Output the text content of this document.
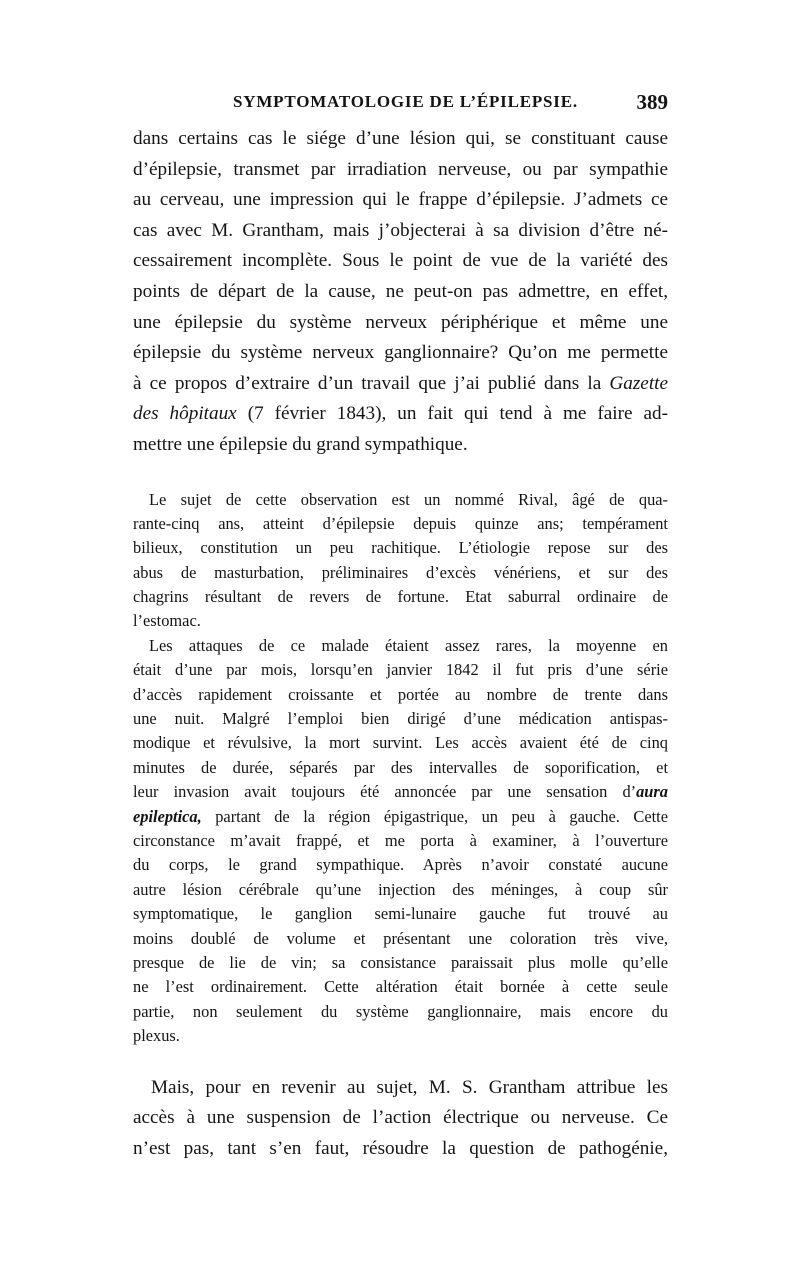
SYMPTOMATOLOGIE DE L’ÉPILEPSIE.	389
dans certains cas le siége d’une lésion qui, se constituant cause
d’épilepsie, transmet par irradiation nerveuse, ou par sympathie
au cerveau, une impression qui le frappe d’épilepsie. J’admets ce
cas avec M. Grantham, mais j’objecterai à sa division d’être né-
cessairement incomplète. Sous le point de vue de la variété des
points de départ de la cause, ne peut-on pas admettre, en effet,
une épilepsie du système nerveux périphérique et même une
épilepsie du système nerveux ganglionnaire? Qu’on me permette
à ce propos d’extraire d’un travail que j’ai publié dans la Gazette
des hôpitaux (7 février 1843), un fait qui tend à me faire ad-
mettre une épilepsie du grand sympathique.
Le sujet de cette observation est un nommé Rival, âgé de qua-
rante-cinq ans, atteint d’épilepsie depuis quinze ans; tempérament
bilieux, constitution un peu rachitique. L’étiologie repose sur des
abus de masturbation, préliminaires d’excès vénériens, et sur des
chagrins résultant de revers de fortune. Etat saburral ordinaire de
l’estomac.
Les attaques de ce malade étaient assez rares, la moyenne en
était d’une par mois, lorsqu’en janvier 1842 il fut pris d’une série
d’accès rapidement croissante et portée au nombre de trente dans
une nuit. Malgré l’emploi bien dirigé d’une médication antispas-
modique et révulsive, la mort survint. Les accès avaient été de cinq
minutes de durée, séparés par des intervalles de soporification, et
leur invasion avait toujours été annoncée par une sensation d’aura
epileptica, partant de la région épigastrique, un peu à gauche. Cette
circonstance m’avait frappé, et me porta à examiner, à l’ouverture
du corps, le grand sympathique. Après n’avoir constaté aucune
autre lésion cérébrale qu’une injection des méninges, à coup sûr
symptomatique, le ganglion semi-lunaire gauche fut trouvé au
moins doublé de volume et présentant une coloration très vive,
presque de lie de vin; sa consistance paraissait plus molle qu’elle
ne l’est ordinairement. Cette altération était bornée à cette seule
partie, non seulement du système ganglionnaire, mais encore du
plexus.
Mais, pour en revenir au sujet, M. S. Grantham attribue les
accès à une suspension de l’action électrique ou nerveuse. Ce
n’est pas, tant s’en faut, résoudre la question de pathogénie,
